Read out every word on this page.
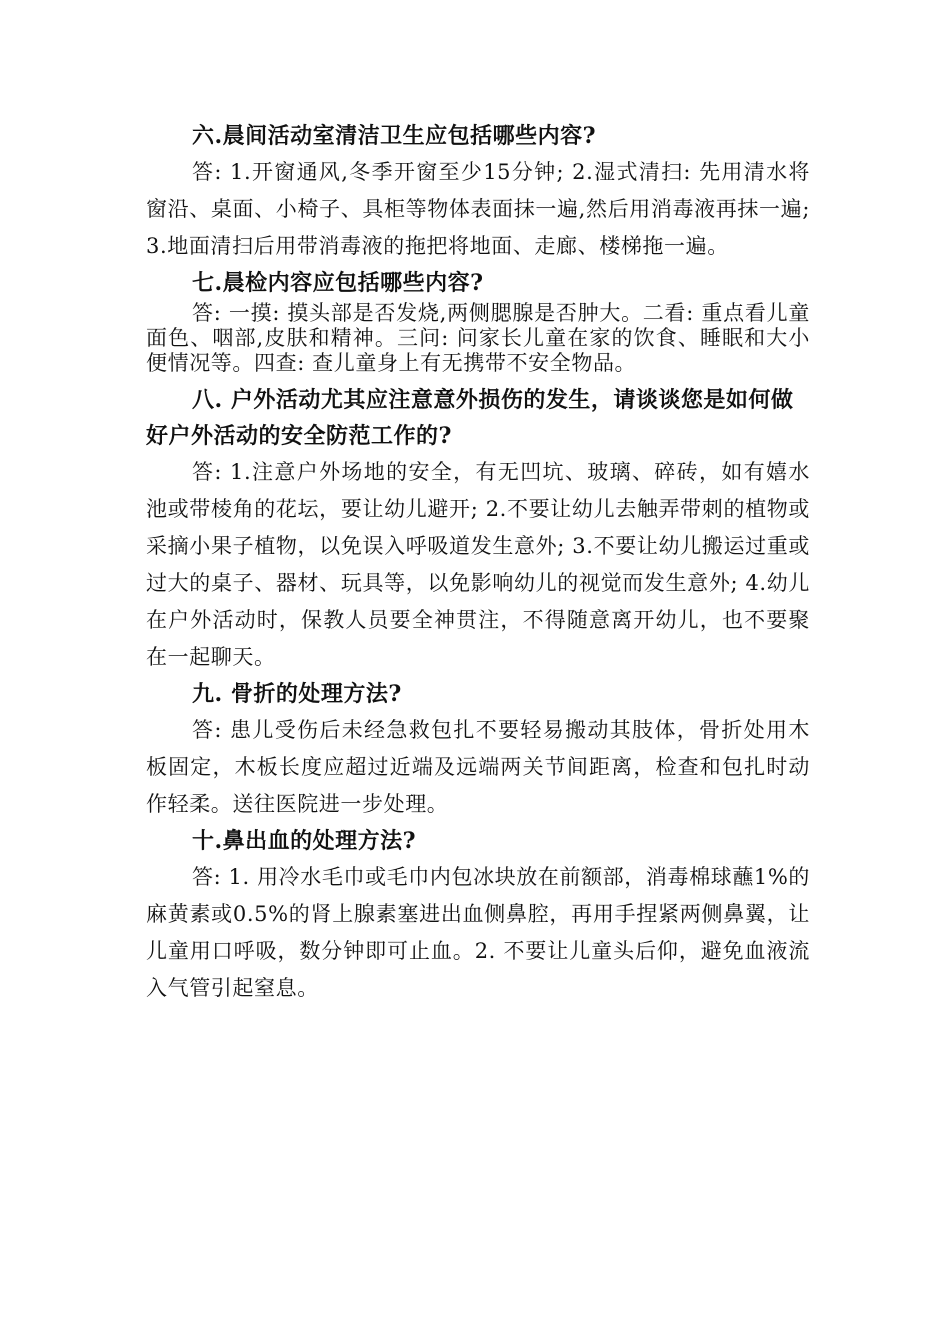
六.晨间活动室清洁卫生应包括哪些内容?

答: 1.开窗通风,冬季开窗至少15分钟; 2.湿式清扫: 先用清水将窗沿、桌面、小椅子、具柜等物体表面抹一遍,然后用消毒液再抹一遍; 3.地面清扫后用带消毒液的拖把将地面、走廊、楼梯拖一遍。

七.晨检内容应包括哪些内容?

答: 一摸: 摸头部是否发烧,两侧腮腺是否肿大。二看: 重点看儿童面色、咽部,皮肤和精神。三问: 问家长儿童在家的饮食、睡眠和大小便情况等。四查: 查儿童身上有无携带不安全物品。

八. 户外活动尤其应注意意外损伤的发生，请谈谈您是如何做好户外活动的安全防范工作的?

答: 1.注意户外场地的安全，有无凹坑、玻璃、碎砖，如有嬉水池或带棱角的花坛，要让幼儿避开; 2.不要让幼儿去触弄带刺的植物或采摘小果子植物，以免误入呼吸道发生意外; 3.不要让幼儿搬运过重或过大的桌子、器材、玩具等，以免影响幼儿的视觉而发生意外; 4.幼儿在户外活动时，保教人员要全神贯注，不得随意离开幼儿，也不要聚在一起聊天。

九. 骨折的处理方法?

答: 患儿受伤后未经急救包扎不要轻易搬动其肢体，骨折处用木板固定，木板长度应超过近端及远端两关节间距离，检查和包扎时动作轻柔。送往医院进一步处理。

十.鼻出血的处理方法?

答: 1. 用冷水毛巾或毛巾内包冰块放在前额部，消毒棉球蘸1%的麻黄素或0.5%的肾上腺素塞进出血侧鼻腔，再用手捏紧两侧鼻翼，让儿童用口呼吸，数分钟即可止血。2. 不要让儿童头后仰，避免血液流入气管引起窒息。
